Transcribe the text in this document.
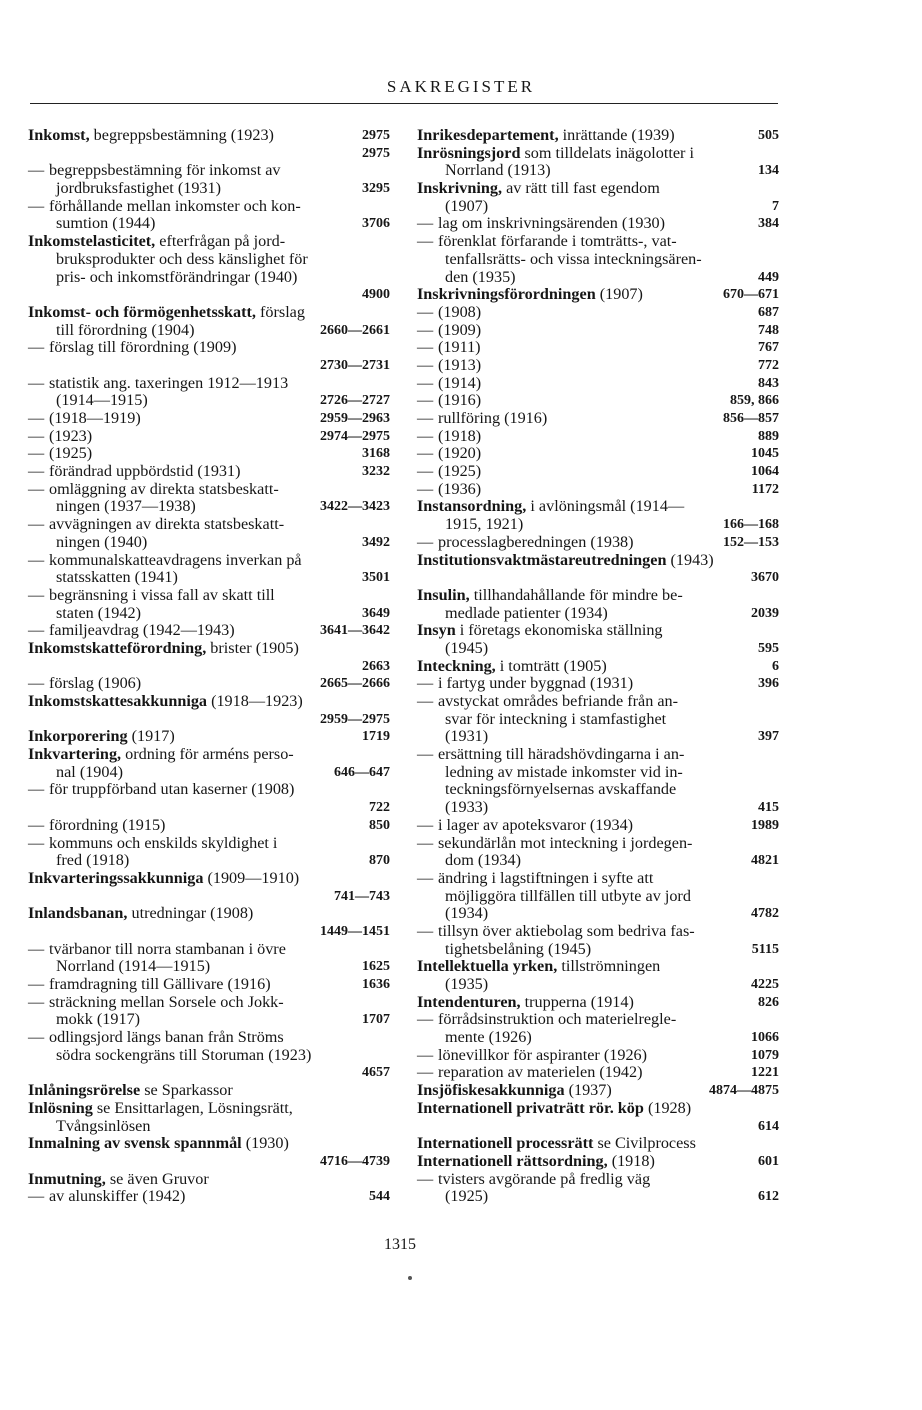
SAKREGISTER
Inkomst, begreppsbestämning (1923)	2975
2975
— begreppsbestämning för inkomst av
jordbruksfastighet (1931)	3295
— förhållande mellan inkomster och kon-
sumtion (1944)	3706
Inkomstelasticitet, efterfrågan på jord-
bruksprodukter och dess känslighet för
pris- och inkomstförändringar (1940)
4900
Inkomst- och förmögenhetsskatt, förslag
till förordning (1904)	2660—2661
— förslag till förordning (1909)
2730—2731
— statistik ang. taxeringen 1912—1913
(1914—1915)	2726—2727
— (1918—1919)	2959—2963
— (1923)	2974—2975
— (1925)	3168
— förändrad uppbördstid (1931)	3232
— omläggning av direkta statsbeskatt-
ningen (1937—1938)	3422—3423
— avvägningen av direkta statsbeskatt-
ningen (1940)	3492
— kommunalskatteavdragens inverkan på
statsskatten (1941)	3501
— begränsning i vissa fall av skatt till
staten (1942)	3649
— familjeavdrag (1942—1943)	3641—3642
Inkomstskatteförordning, brister (1905)
2663
— förslag (1906)	2665—2666
Inkomstskattesakkunniga (1918—1923)
2959—2975
Inkorporering (1917)	1719
Inkvartering, ordning för arméns perso-
nal (1904)	646—647
— för truppförband utan kaserner (1908)
722
— förordning (1915)	850
— kommuns och enskilds skyldighet i
fred (1918)	870
Inkvarteringssakkunniga (1909—1910)
741—743
Inlandsbanan, utredningar (1908)
1449—1451
— tvärbanor till norra stambanan i övre
Norrland (1914—1915)	1625
— framdragning till Gällivare (1916)	1636
— sträckning mellan Sorsele och Jokk-
mokk (1917)	1707
— odlingsjord längs banan från Ströms
södra sockengräns till Storuman (1923)
4657
Inlåningsrörelse se Sparkassor
Inlösning se Ensittarlagen, Lösningsrätt,
Tvångsinlösen
Inmalning av svensk spannmål (1930)
4716—4739
Inmutning, se även Gruvor
— av alunskiffer (1942)	544
Inrikesdepartement, inrättande (1939)	505
Inrösningsjord som tilldelats inägolotter i
Norrland (1913)	134
Inskrivning, av rätt till fast egendom
(1907)	7
— lag om inskrivningsärenden (1930)	384
— förenklat förfarande i tomträtts-, vat-
tenfallsrätts- och vissa inteckningsären-
den (1935)	449
Inskrivningsförordningen (1907)	670—671
— (1908)	687
— (1909)	748
— (1911)	767
— (1913)	772
— (1914)	843
— (1916)	859, 866
— rullföring (1916)	856—857
— (1918)	889
— (1920)	1045
— (1925)	1064
— (1936)	1172
Instansordning, i avlöningsmål (1914—
1915, 1921)	166—168
— processlagberedningen (1938)	152—153
Institutionsvaktmästareutredningen (1943)
3670
Insulin, tillhandahållande för mindre be-
medlade patienter (1934)	2039
Insyn i företags ekonomiska ställning
(1945)	595
Inteckning, i tomträtt (1905)	6
— i fartyg under byggnad (1931)	396
— avstyckat områdes befriande från an-
svar för inteckning i stamfastighet
(1931)	397
— ersättning till häradshövdingarna i an-
ledning av mistade inkomster vid in-
teckningsförnyelsernas avskaffande
(1933)	415
— i lager av apoteksvaror (1934)	1989
— sekundärlån mot inteckning i jordegen-
dom (1934)	4821
— ändring i lagstiftningen i syfte att
möjliggöra tillfällen till utbyte av jord
(1934)	4782
— tillsyn över aktiebolag som bedriva fas-
tighetsbelåning (1945)	5115
Intellektuella yrken, tillströmningen
(1935)	4225
Intendenturen, trupperna (1914)	826
— förrådsinstruktion och materielregle-
mente (1926)	1066
— lönevillkor för aspiranter (1926)	1079
— reparation av materielen (1942)	1221
Insjöfiskesakkunniga (1937)	4874—4875
Internationell privaträtt rör. köp (1928)
614
Internationell processrätt se Civilprocess
Internationell rättsordning, (1918)	601
— tvisters avgörande på fredlig väg
(1925)	612
1315
